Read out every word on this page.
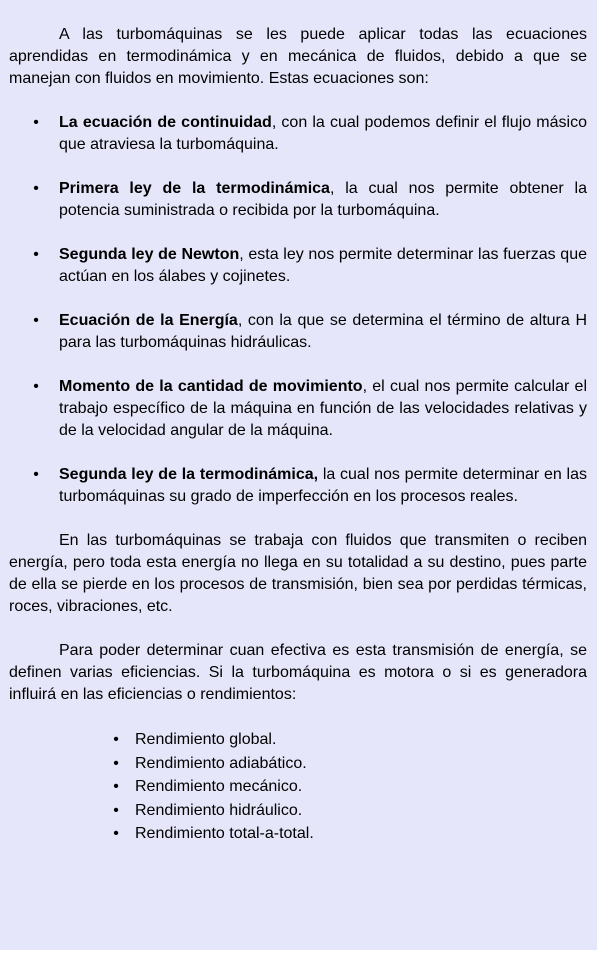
A las turbomáquinas se les puede aplicar todas las ecuaciones aprendidas en termodinámica y en mecánica de fluidos, debido a que se manejan con fluidos en movimiento. Estas ecuaciones son:

• La ecuación de continuidad, con la cual podemos definir el flujo másico que atraviesa la turbomáquina.
• Primera ley de la termodinámica, la cual nos permite obtener la potencia suministrada o recibida por la turbomáquina.
• Segunda ley de Newton, esta ley nos permite determinar las fuerzas que actúan en los álabes y cojinetes.
• Ecuación de la Energía, con la que se determina el término de altura H para las turbomáquinas hidráulicas.
• Momento de la cantidad de movimiento, el cual nos permite calcular el trabajo específico de la máquina en función de las velocidades relativas y de la velocidad angular de la máquina.
• Segunda ley de la termodinámica, la cual nos permite determinar en las turbomáquinas su grado de imperfección en los procesos reales.

En las turbomáquinas se trabaja con fluidos que transmiten o reciben energía, pero toda esta energía no llega en su totalidad a su destino, pues parte de ella se pierde en los procesos de transmisión, bien sea por perdidas térmicas, roces, vibraciones, etc.

Para poder determinar cuan efectiva es esta transmisión de energía, se definen varias eficiencias. Si la turbomáquina es motora o si es generadora influirá en las eficiencias o rendimientos:

• Rendimiento global.
• Rendimiento adiabático.
• Rendimiento mecánico.
• Rendimiento hidráulico.
• Rendimiento total-a-total.
